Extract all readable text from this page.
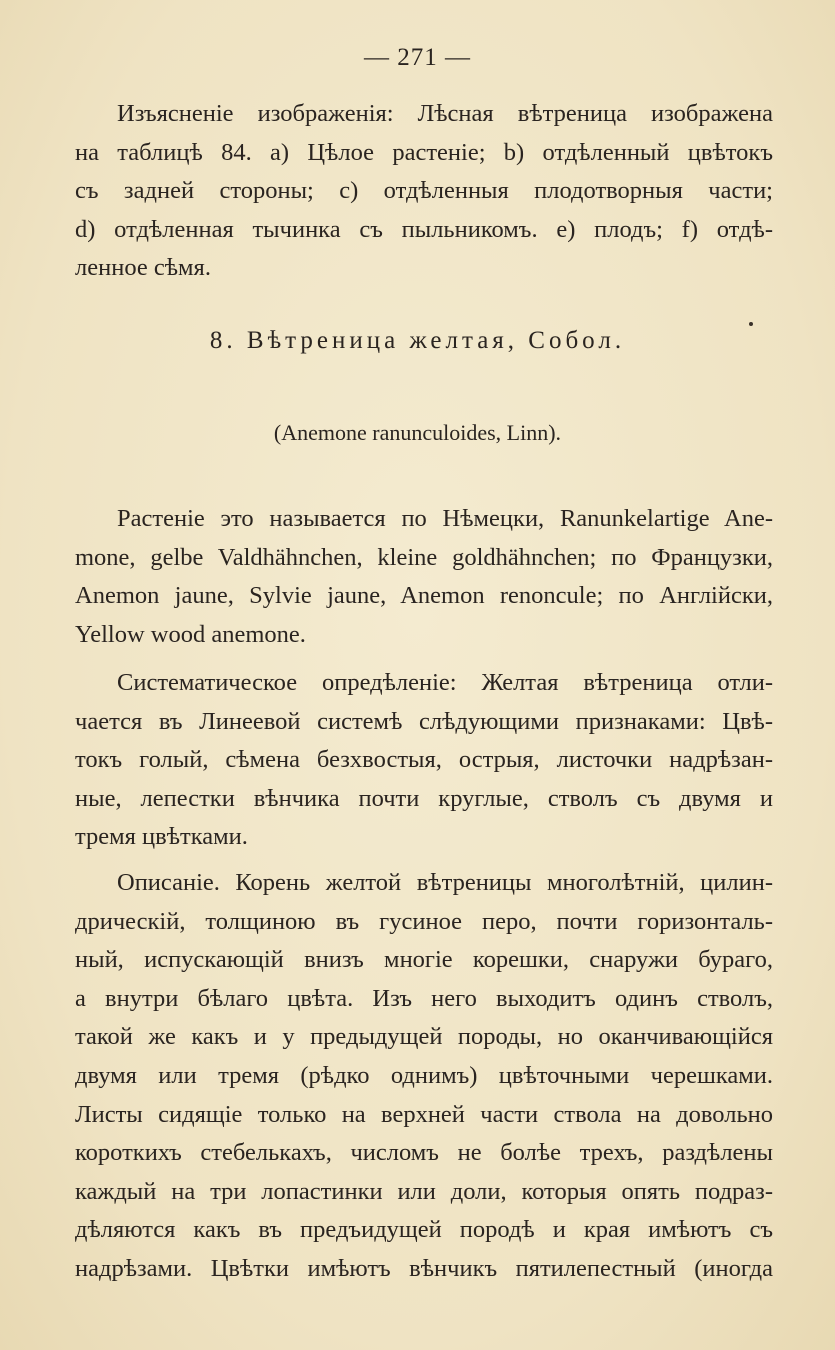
— 271 —

Изъясненіе изображенія: Лѣсная вѣтреница изображена
на таблицѣ 84. a) Цѣлое растеніе; b) отдѣленный цвѣтокъ
съ задней стороны; c) отдѣленныя плодотворныя части;
d) отдѣленная тычинка съ пыльникомъ. e) плодъ; f) отдѣ-
ленное сѣмя.

8. Вѣтреница желтая, Собол.
(Anemone ranunculoides, Linn).

Растеніе это называется по Нѣмецки, Ranunkelartige Ane-
mone, gelbe Valdhähnchen, kleine goldhähnchen; по Французки,
Anemon jaune, Sylvie jaune, Anemon renoncule; по Англійски,
Yellow wood anemone.

Систематическое опредѣленіе: Желтая вѣтреница отли-
чается въ Линеевой системѣ слѣдующими признаками: Цвѣ-
токъ голый, сѣмена безхвостыя, острыя, листочки надрѣзан-
ные, лепестки вѣнчика почти круглые, стволъ съ двумя и
тремя цвѣтками.

Описаніе. Корень желтой вѣтреницы многолѣтній, цилин-
дрическій, толщиною въ гусиное перо, почти горизонталь-
ный, испускающій внизъ многіе корешки, снаружи бураго,
а внутри бѣлаго цвѣта. Изъ него выходитъ одинъ стволъ,
такой же какъ и у предыдущей породы, но оканчивающійся
двумя или тремя (рѣдко однимъ) цвѣточными черешками.
Листы сидящіе только на верхней части ствола на довольно
короткихъ стебелькахъ, числомъ не болѣе трехъ, раздѣлены
каждый на три лопастинки или доли, которыя опять подраз-
дѣляются какъ въ предъидущей породѣ и края имѣютъ съ
надрѣзами. Цвѣтки имѣютъ вѣнчикъ пятилепестный (иногда
